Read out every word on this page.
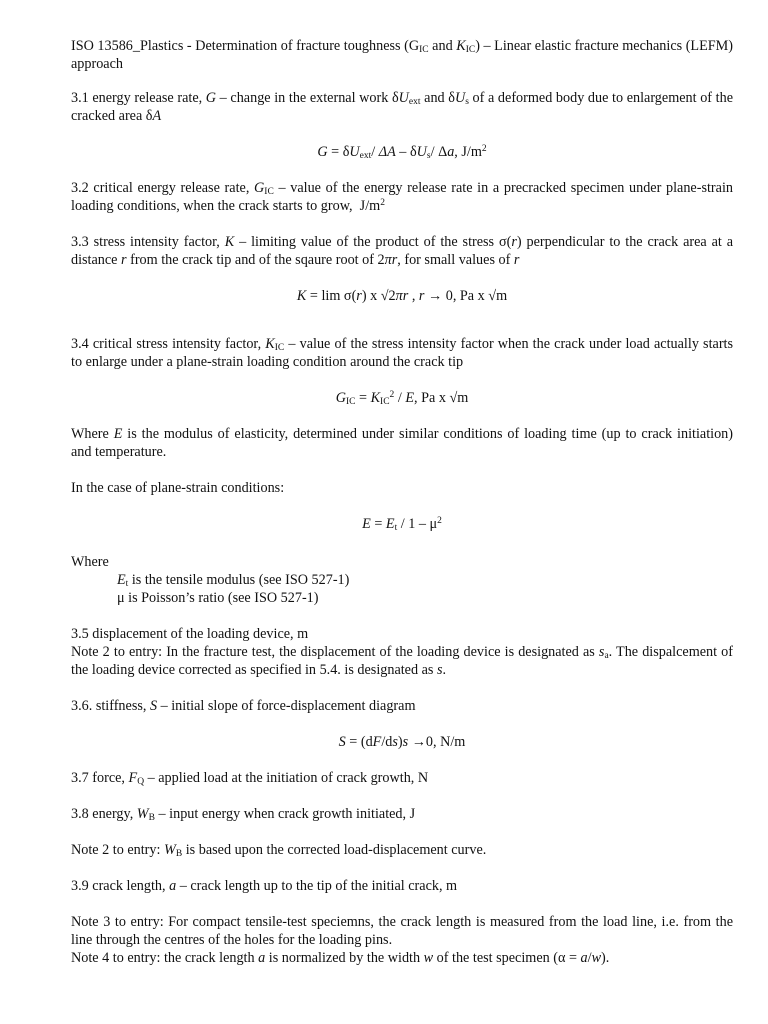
ISO 13586_Plastics - Determination of fracture toughness ($G_{IC}$ and $K_{IC}$) – Linear elastic fracture mechanics (LEFM) approach

3.1 energy release rate, G – change in the external work $\delta U_{ext}$ and $\delta U_s$ of a deformed body due to enlargement of the cracked area δA

$G = \delta U_{ext}/$ ΔA – $\delta U_s/$ Δa, $J/m^2$

3.2 critical energy release rate, $G_{IC}$ – value of the energy release rate in a precracked specimen under plane-strain loading conditions, when the crack starts to grow,  $J/m^2$

3.3 stress intensity factor, K – limiting value of the product of the stress σ(r) perpendicular to the crack area at a distance r from the crack tip and of the sqaure root of 2πr, for small values of r

K = lim σ(r) x √2πr , r → 0, Pa x √m

3.4 critical stress intensity factor, $K_{IC}$ – value of the stress intensity factor when the crack under load actually starts to enlarge under a plane-strain loading condition around the crack tip

$G_{IC} = K_{IC}^2 / E$, Pa x √m

Where E is the modulus of elasticity, determined under similar conditions of loading time (up to crack initiation) and temperature.

In the case of plane-strain conditions:

$E = E_t / 1 - \mu^2$

Where

$E_t$ is the tensile modulus (see ISO 527-1)

μ is Poisson’s ratio (see ISO 527-1)

3.5 displacement of the loading device, m

Note 2 to entry: In the fracture test, the displacement of the loading device is designated as $s_a$. The dispalcement of the loading device corrected as specified in 5.4. is designated as s.

3.6. stiffness, S – initial slope of force-displacement diagram

S = (dF/ds)s →0, N/m

3.7 force, $F_Q$ – applied load at the initiation of crack growth, N

3.8 energy, $W_B$ – input energy when crack growth initiated, J

Note 2 to entry: $W_B$ is based upon the corrected load-displacement curve.

3.9 crack length, a – crack length up to the tip of the initial crack, m

Note 3 to entry: For compact tensile-test speciemns, the crack length is measured from the load line, i.e. from the line through the centres of the holes for the loading pins.

Note 4 to entry: the crack length a is normalized by the width w of the test specimen (α = a/w).
